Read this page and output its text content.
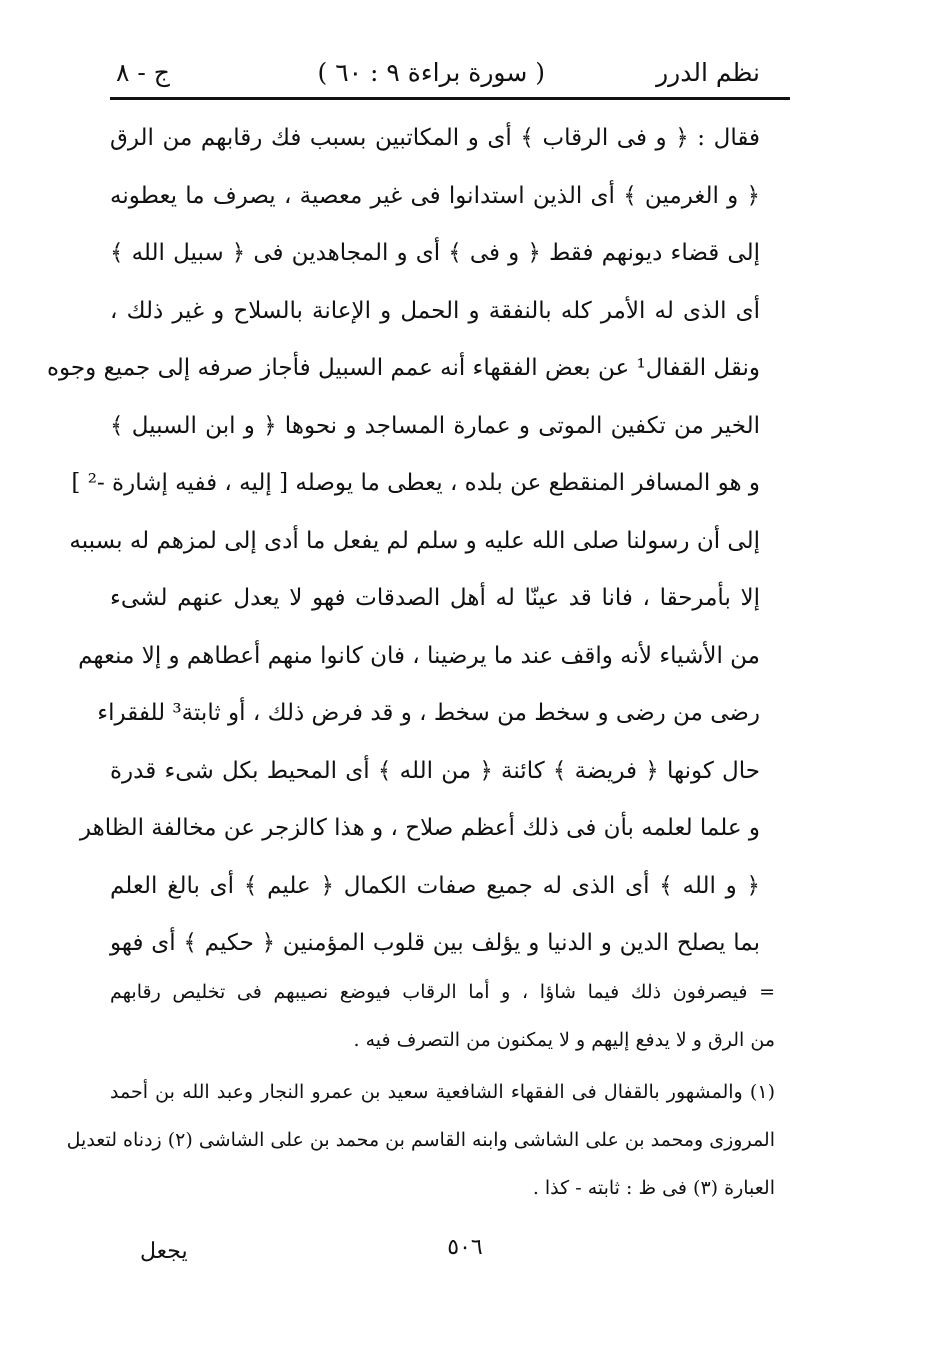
نظم الدرر
( سورة براءة ٩ : ٦٠ )
ج - ٨
فقال : ﴿ و فى الرقاب ﴾ أى و المكاتبين بسبب فك رقابهم من الرق
﴿ و الغرمين ﴾ أى الذين استدانوا فى غير معصية ، يصرف ما يعطونه
إلى قضاء ديونهم فقط ﴿ و فى ﴾ أى و المجاهدين فى ﴿ سبيل الله ﴾
أى الذى له الأمر كله بالنفقة و الحمل و الإعانة بالسلاح و غير ذلك ،
ونقل القفال¹ عن بعض الفقهاء أنه عمم السبيل فأجاز صرفه إلى جميع وجوه
الخير من تكفين الموتى و عمارة المساجد و نحوها ﴿ و ابن السبيل ﴾
و هو المسافر المنقطع عن بلده ، يعطى ما يوصله [ إليه ، ففيه إشارة -² ]
إلى أن رسولنا صلى الله عليه و سلم لم يفعل ما أدى إلى لمزهم له بسببه
إلا بأمرحقا ، فانا قد عينّا له أهل الصدقات فهو لا يعدل عنهم لشىء
من الأشياء لأنه واقف عند ما يرضينا ، فان كانوا منهم أعطاهم و إلا منعهم
رضى من رضى و سخط من سخط ، و قد فرض ذلك ، أو ثابتة³ للفقراء
حال كونها ﴿ فريضة ﴾ كائنة ﴿ من الله ﴾ أى المحيط بكل شىء قدرة
و علما لعلمه بأن فى ذلك أعظم صلاح ، و هذا كالزجر عن مخالفة الظاهر
﴿ و الله ﴾ أى الذى له جميع صفات الكمال ﴿ عليم ﴾ أى بالغ العلم
بما يصلح الدين و الدنيا و يؤلف بين قلوب المؤمنين ﴿ حكيم ﴾ أى فهو
= فيصرفون ذلك فيما شاؤا ، و أما الرقاب فيوضع نصيبهم فى تخليص رقابهم
من الرق و لا يدفع إليهم و لا يمكنون من التصرف فيه .
(١) والمشهور بالقفال فى الفقهاء الشافعية سعيد بن عمرو النجار وعبد الله بن أحمد
المروزى ومحمد بن على الشاشى وابنه القاسم بن محمد بن على الشاشى (٢) زدناه لتعديل
العبارة (٣) فى ظ : ثابته - كذا .
٥٠٦
يجعل
